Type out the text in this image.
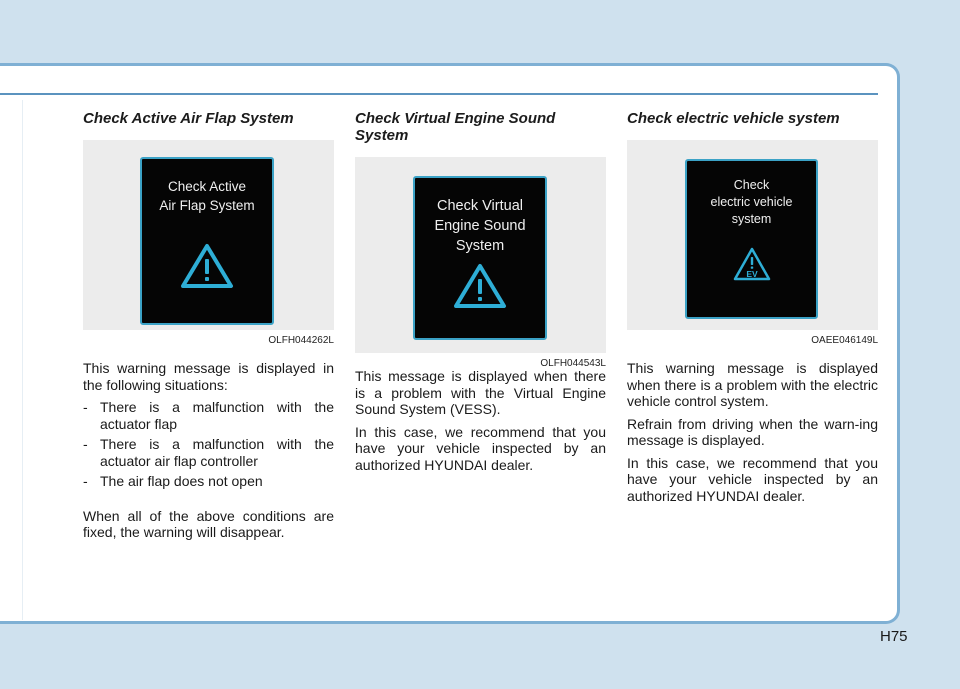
Check Active Air Flap System
Check Active
Air Flap System
OLFH044262L

This warning message is displayed in the following situations:

- There is a malfunction with the actuator flap
- There is a malfunction with the actuator air flap controller
- The air flap does not open

When all of the above conditions are fixed, the warning will disappear.

Check Virtual Engine Sound System
Check Virtual
Engine Sound
System
OLFH044543L

This message is displayed when there is a problem with the Virtual Engine Sound System (VESS).

In this case, we recommend that you have your vehicle inspected by an authorized HYUNDAI dealer.

Check electric vehicle system
Check
electric vehicle
system
EV
OAEE046149L

This warning message is displayed when there is a problem with the electric vehicle control system.

Refrain from driving when the warn-ing message is displayed.

In this case, we recommend that you have your vehicle inspected by an authorized HYUNDAI dealer.

H75
